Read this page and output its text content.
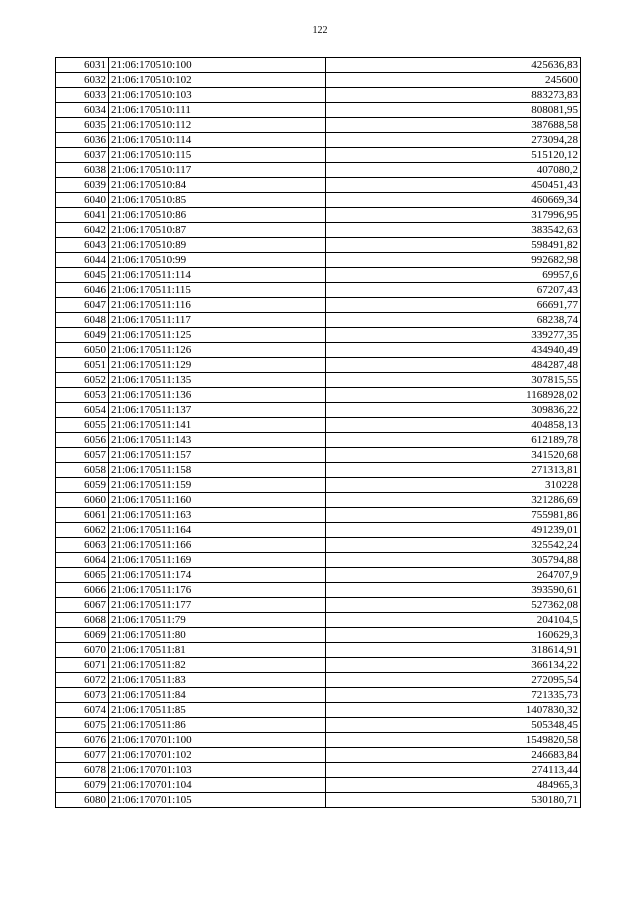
122
6031	21:06:170510:100	425636,83
6032	21:06:170510:102	245600
6033	21:06:170510:103	883273,83
6034	21:06:170510:111	808081,95
6035	21:06:170510:112	387688,58
6036	21:06:170510:114	273094,28
6037	21:06:170510:115	515120,12
6038	21:06:170510:117	407080,2
6039	21:06:170510:84	450451,43
6040	21:06:170510:85	460669,34
6041	21:06:170510:86	317996,95
6042	21:06:170510:87	383542,63
6043	21:06:170510:89	598491,82
6044	21:06:170510:99	992682,98
6045	21:06:170511:114	69957,6
6046	21:06:170511:115	67207,43
6047	21:06:170511:116	66691,77
6048	21:06:170511:117	68238,74
6049	21:06:170511:125	339277,35
6050	21:06:170511:126	434940,49
6051	21:06:170511:129	484287,48
6052	21:06:170511:135	307815,55
6053	21:06:170511:136	1168928,02
6054	21:06:170511:137	309836,22
6055	21:06:170511:141	404858,13
6056	21:06:170511:143	612189,78
6057	21:06:170511:157	341520,68
6058	21:06:170511:158	271313,81
6059	21:06:170511:159	310228
6060	21:06:170511:160	321286,69
6061	21:06:170511:163	755981,86
6062	21:06:170511:164	491239,01
6063	21:06:170511:166	325542,24
6064	21:06:170511:169	305794,88
6065	21:06:170511:174	264707,9
6066	21:06:170511:176	393590,61
6067	21:06:170511:177	527362,08
6068	21:06:170511:79	204104,5
6069	21:06:170511:80	160629,3
6070	21:06:170511:81	318614,91
6071	21:06:170511:82	366134,22
6072	21:06:170511:83	272095,54
6073	21:06:170511:84	721335,73
6074	21:06:170511:85	1407830,32
6075	21:06:170511:86	505348,45
6076	21:06:170701:100	1549820,58
6077	21:06:170701:102	246683,84
6078	21:06:170701:103	274113,44
6079	21:06:170701:104	484965,3
6080	21:06:170701:105	530180,71
